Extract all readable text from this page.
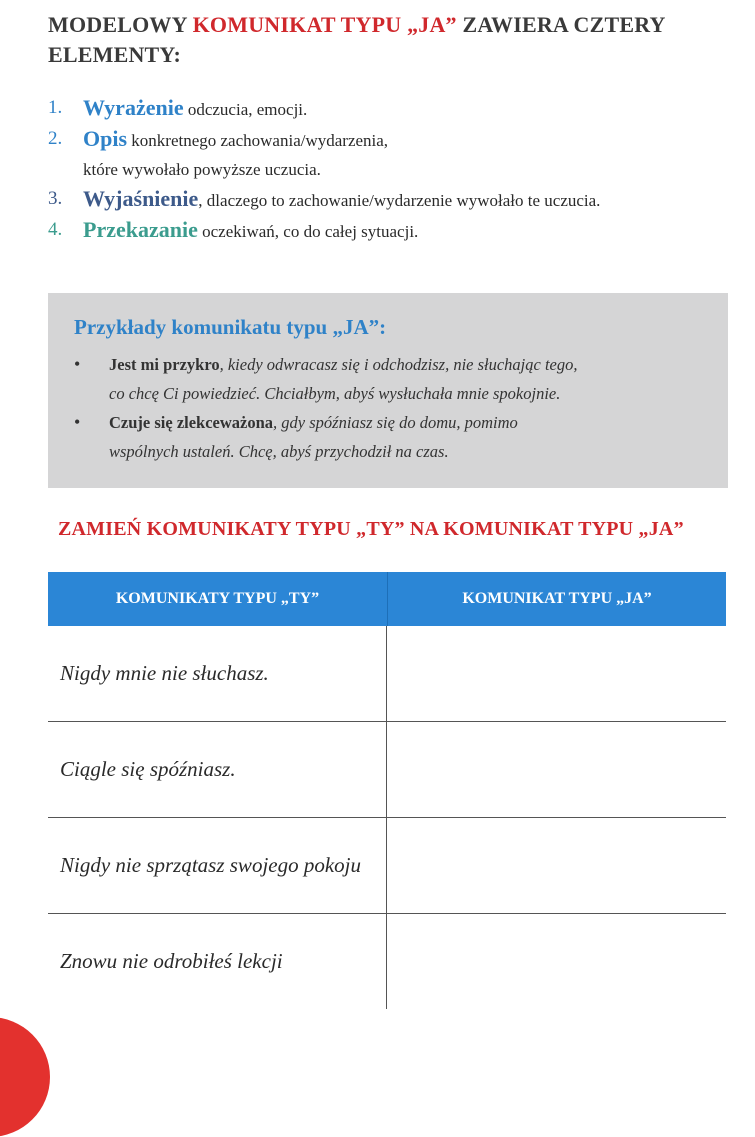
MODELOWY KOMUNIKAT TYPU „JA” ZAWIERA CZTERY ELEMENTY:
1. Wyrażenie odczucia, emocji.
2. Opis konkretnego zachowania/wydarzenia,
które wywołało powyższe uczucia.
3. Wyjaśnienie, dlaczego to zachowanie/wydarzenie wywołało te uczucia.
4. Przekazanie oczekiwań, co do całej sytuacji.
Przykłady komunikatu typu „JA”:
• Jest mi przykro, kiedy odwracasz się i odchodzisz, nie słuchając tego,
co chcę Ci powiedzieć. Chciałbym, abyś wysłuchała mnie spokojnie.
• Czuje się zlekceważona, gdy spóźniasz się do domu, pomimo
wspólnych ustaleń. Chcę, abyś przychodził na czas.
ZAMIEŃ KOMUNIKATY TYPU „TY” NA KOMUNIKAT TYPU „JA”
KOMUNIKATY TYPU „TY”	KOMUNIKAT TYPU „JA”
Nigdy mnie nie słuchasz.
Ciągle się spóźniasz.
Nigdy nie sprzątasz swojego pokoju
Znowu nie odrobiłeś lekcji
